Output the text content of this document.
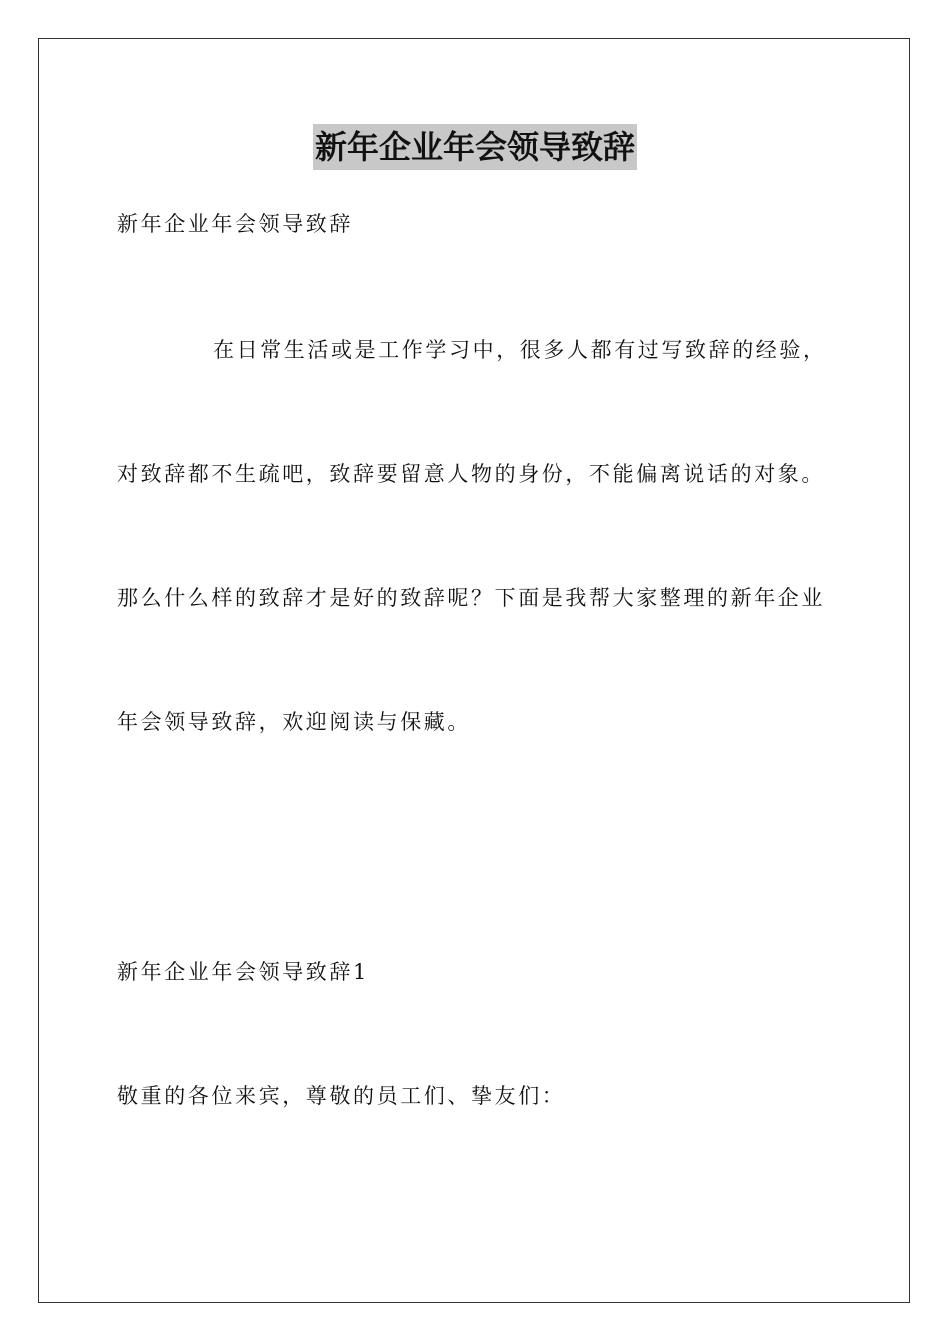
新年企业年会领导致辞
新年企业年会领导致辞
在日常生活或是工作学习中，很多人都有过写致辞的经验，
对致辞都不生疏吧，致辞要留意人物的身份，不能偏离说话的对象。
那么什么样的致辞才是好的致辞呢？下面是我帮大家整理的新年企业
年会领导致辞，欢迎阅读与保藏。
新年企业年会领导致辞1
敬重的各位来宾，尊敬的员工们、挚友们：
